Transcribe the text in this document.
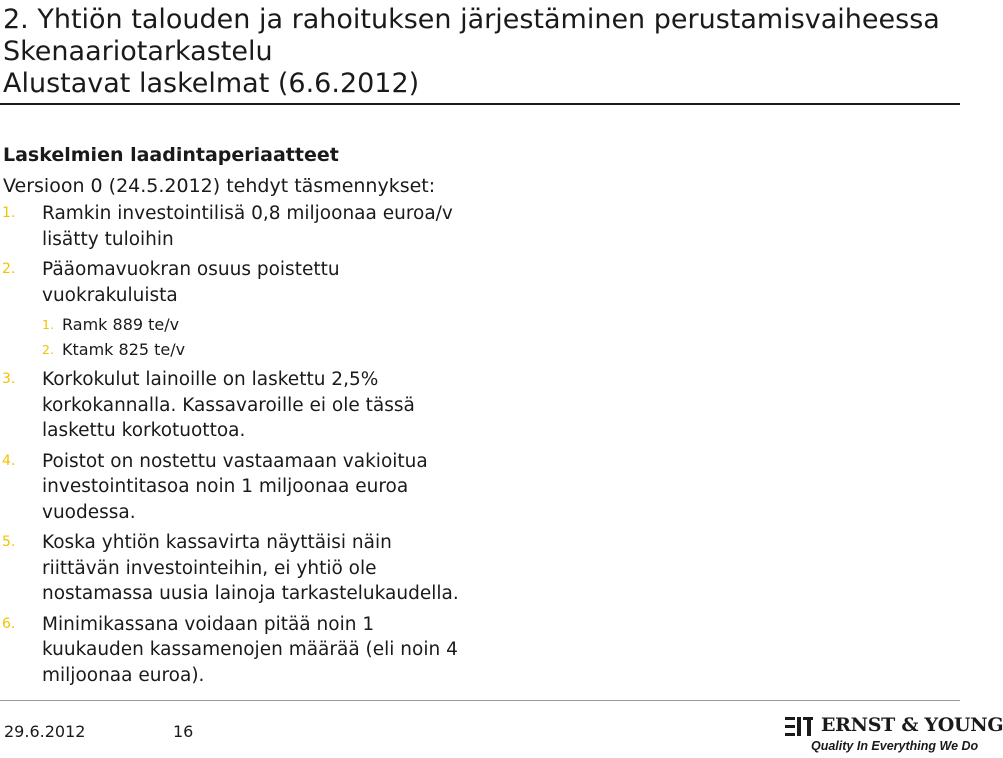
2. Yhtiön talouden ja rahoituksen järjestäminen perustamisvaiheessa
Skenaariotarkastelu
Alustavat laskelmat (6.6.2012)
Laskelmien laadintaperiaatteet
Versioon 0 (24.5.2012) tehdyt täsmennykset:
1.	Ramkin investointilisä 0,8 miljoonaa euroa/v lisätty tuloihin
2.	Pääomavuokran osuus poistettu vuokrakuluista
1. Ramk 889 te/v
2. Ktamk 825 te/v
3.	Korkokulut lainoille on laskettu 2,5% korkokannalla. Kassavaroille ei ole tässä laskettu korkotuottoa.
4.	Poistot on nostettu vastaamaan vakioitua investointitasoa noin 1 miljoonaa euroa vuodessa.
5.	Koska yhtiön kassavirta näyttäisi näin riittävän investointeihin, ei yhtiö ole nostamassa uusia lainoja tarkastelukaudella.
6.	Minimikassana voidaan pitää noin 1 kuukauden kassamenojen määrää (eli noin 4 miljoonaa euroa).
29.6.2012	16	ERNST & YOUNG
Quality In Everything We Do
